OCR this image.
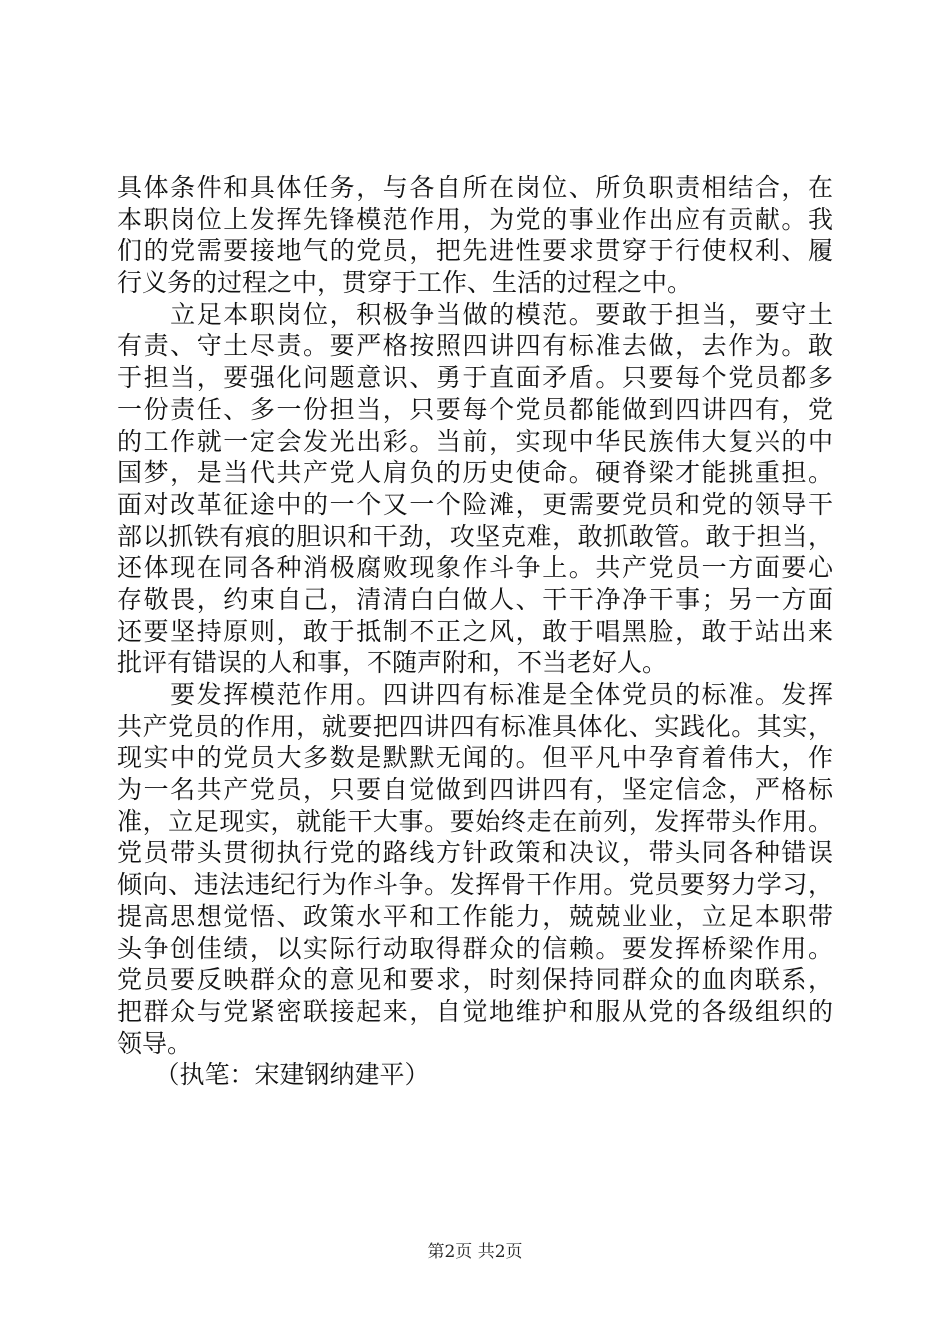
具体条件和具体任务，与各自所在岗位、所负职责相结合，在
本职岗位上发挥先锋模范作用，为党的事业作出应有贡献。我
们的党需要接地气的党员，把先进性要求贯穿于行使权利、履
行义务的过程之中，贯穿于工作、生活的过程之中。
　　立足本职岗位，积极争当做的模范。要敢于担当，要守土
有责、守土尽责。要严格按照四讲四有标准去做，去作为。敢
于担当，要强化问题意识、勇于直面矛盾。只要每个党员都多
一份责任、多一份担当，只要每个党员都能做到四讲四有，党
的工作就一定会发光出彩。当前，实现中华民族伟大复兴的中
国梦，是当代共产党人肩负的历史使命。硬脊梁才能挑重担。
面对改革征途中的一个又一个险滩，更需要党员和党的领导干
部以抓铁有痕的胆识和干劲，攻坚克难，敢抓敢管。敢于担当，
还体现在同各种消极腐败现象作斗争上。共产党员一方面要心
存敬畏，约束自己，清清白白做人、干干净净干事；另一方面
还要坚持原则，敢于抵制不正之风，敢于唱黑脸，敢于站出来
批评有错误的人和事，不随声附和，不当老好人。
　　要发挥模范作用。四讲四有标准是全体党员的标准。发挥
共产党员的作用，就要把四讲四有标准具体化、实践化。其实，
现实中的党员大多数是默默无闻的。但平凡中孕育着伟大，作
为一名共产党员，只要自觉做到四讲四有，坚定信念，严格标
准，立足现实，就能干大事。要始终走在前列，发挥带头作用。
党员带头贯彻执行党的路线方针政策和决议，带头同各种错误
倾向、违法违纪行为作斗争。发挥骨干作用。党员要努力学习，
提高思想觉悟、政策水平和工作能力，兢兢业业，立足本职带
头争创佳绩，以实际行动取得群众的信赖。要发挥桥梁作用。
党员要反映群众的意见和要求，时刻保持同群众的血肉联系，
把群众与党紧密联接起来，自觉地维护和服从党的各级组织的
领导。
　　（执笔：宋建钢纳建平）
第2页 共2页
